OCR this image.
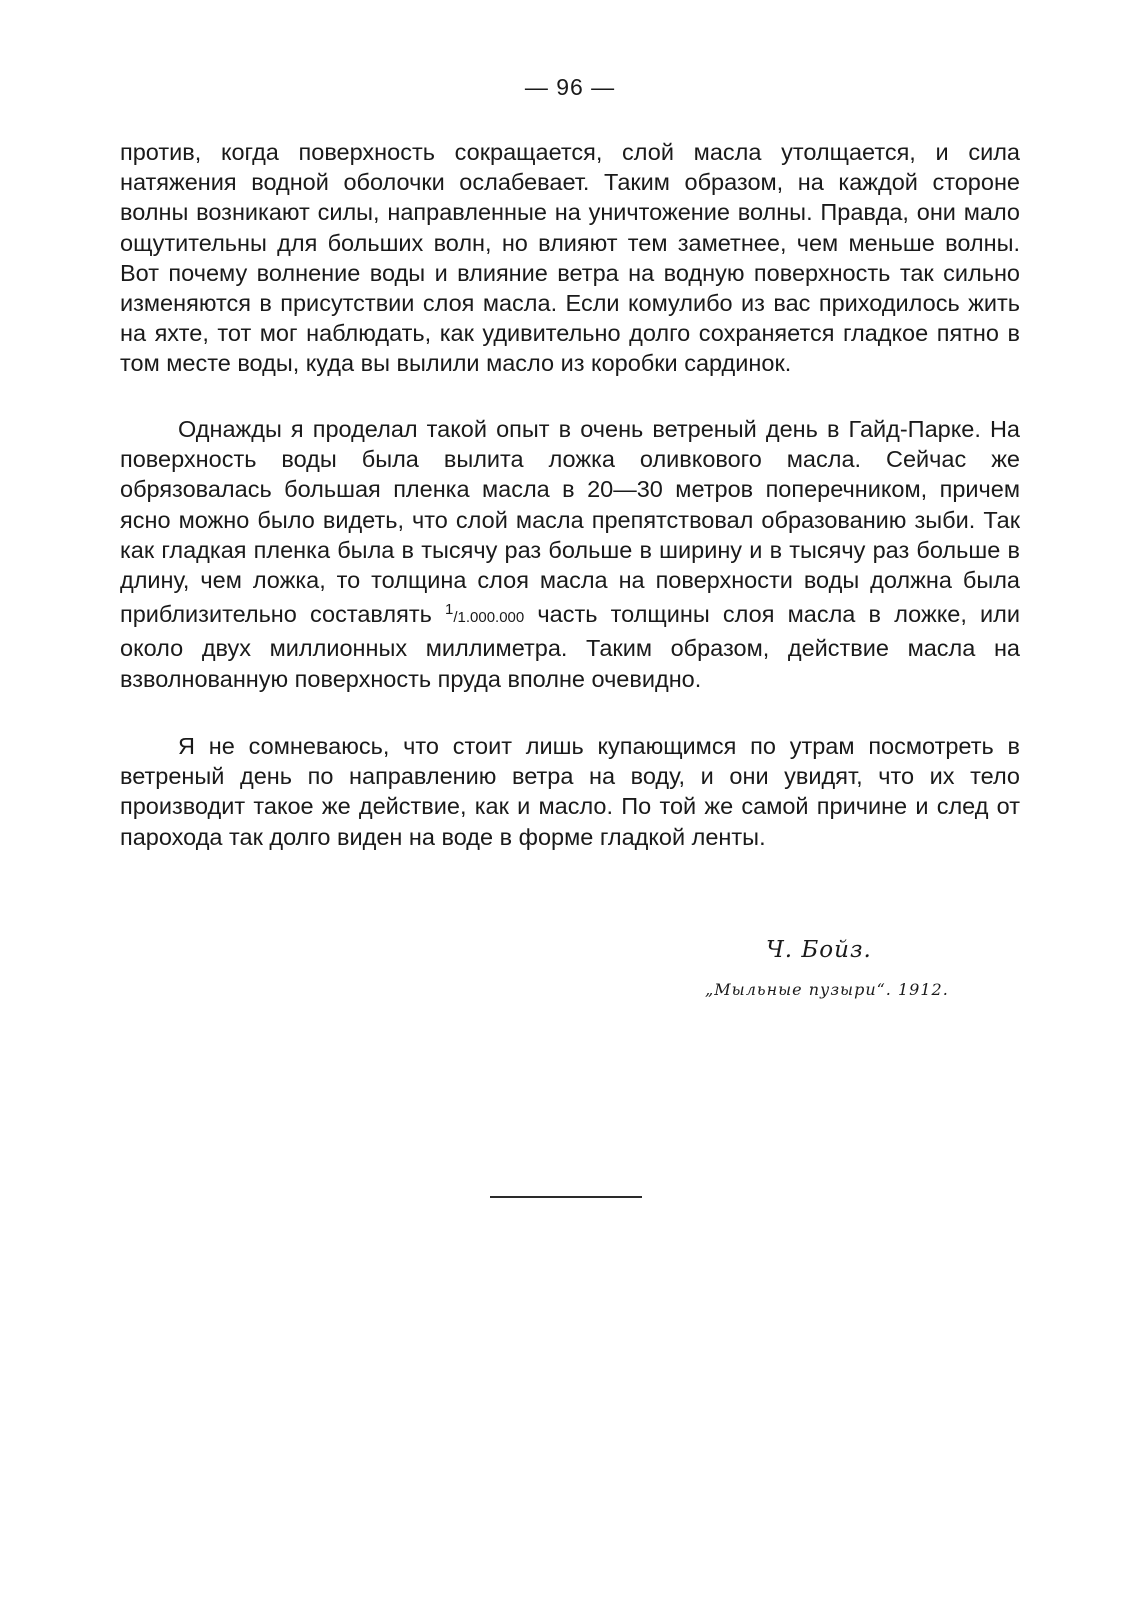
— 96 —

против, когда поверхность сокращается, слой масла утолщается, и сила натяжения водной оболочки ослабевает. Таким образом, на каждой стороне волны возникают силы, направленные на уничтожение волны. Правда, они мало ощутительны для больших волн, но влияют тем заметнее, чем меньше волны. Вот почему волнение воды и влияние ветра на водную поверхность так сильно изменяются в присутствии слоя масла. Если комулибо из вас приходилось жить на яхте, тот мог наблюдать, как удивительно долго сохраняется гладкое пятно в том месте воды, куда вы вылили масло из коробки сардинок.

Однажды я проделал такой опыт в очень ветреный день в Гайд-Парке. На поверхность воды была вылита ложка оливкового масла. Сейчас же обрязовалась большая пленка масла в 20—30 метров поперечником, причем ясно можно было видеть, что слой масла препятствовал образованию зыби. Так как гладкая пленка была в тысячу раз больше в ширину и в тысячу раз больше в длину, чем ложка, то толщина слоя масла на поверхности воды должна была приблизительно составлять $^1$/1.000.000 часть толщины слоя масла в ложке, или около двух миллионных миллиметра. Таким образом, действие масла на взволнованную поверхность пруда вполне очевидно.

Я не сомневаюсь, что стоит лишь купающимся по утрам посмотреть в ветреный день по направлению ветра на воду, и они увидят, что их тело производит такое же действие, как и масло. По той же самой причине и след от парохода так долго виден на воде в форме гладкой ленты.

Ч. Бойз.
„Мыльные пузыри“. 1912.
